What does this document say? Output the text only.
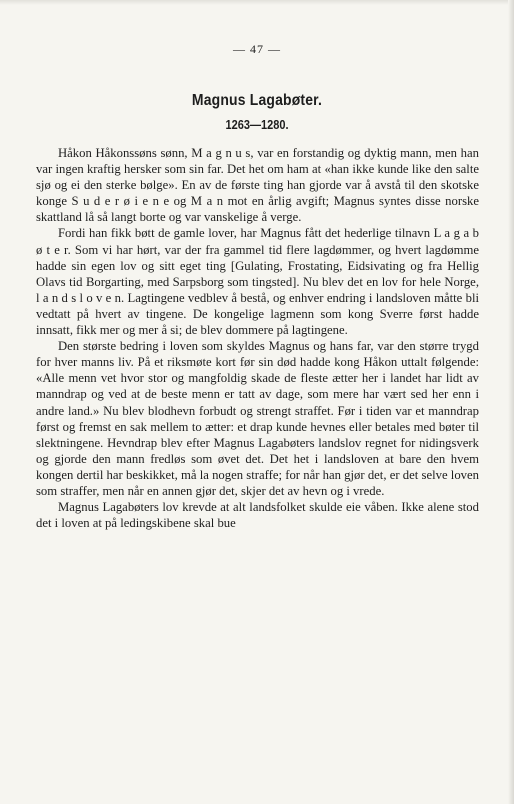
— 47 —
Magnus Lagabøter.
1263—1280.

Håkon Håkonssøns sønn, M a g n u s, var en forstandig og dyktig mann, men han var ingen kraftig hersker som sin far. Det het om ham at «han ikke kunde like den salte sjø og ei den sterke bølge». En av de første ting han gjorde var å avstå til den skotske konge S u d e r ø i e n e og M a n mot en årlig avgift; Magnus syntes disse norske skattland lå så langt borte og var vanskelige å verge.

Fordi han fikk bøtt de gamle lover, har Magnus fått det hederlige tilnavn L a g a b ø t e r. Som vi har hørt, var der fra gammel tid flere lagdømmer, og hvert lagdømme hadde sin egen lov og sitt eget ting [Gulating, Frostating, Eidsivating og fra Hellig Olavs tid Borgarting, med Sarpsborg som tingsted]. Nu blev det en lov for hele Norge, l a n d s l o v e n. Lagtingene vedblev å bestå, og enhver endring i landsloven måtte bli vedtatt på hvert av tingene. De kongelige lagmenn som kong Sverre først hadde innsatt, fikk mer og mer å si; de blev dommere på lagtingene.

Den største bedring i loven som skyldes Magnus og hans far, var den større trygd for hver manns liv. På et riksmøte kort før sin død hadde kong Håkon uttalt følgende: «Alle menn vet hvor stor og mangfoldig skade de fleste ætter her i landet har lidt av manndrap og ved at de beste menn er tatt av dage, som mere har vært sed her enn i andre land.» Nu blev blodhevn forbudt og strengt straffet. Før i tiden var et manndrap først og fremst en sak mellem to ætter: et drap kunde hevnes eller betales med bøter til slektningene. Hevndrap blev efter Magnus Lagabøters landslov regnet for nidingsverk og gjorde den mann fredløs som øvet det. Det het i landsloven at bare den hvem kongen dertil har beskikket, må la nogen straffe; for når han gjør det, er det selve loven som straffer, men når en annen gjør det, skjer det av hevn og i vrede.

Magnus Lagabøters lov krevde at alt landsfolket skulde eie våben. Ikke alene stod det i loven at på ledingskibene skal bue
